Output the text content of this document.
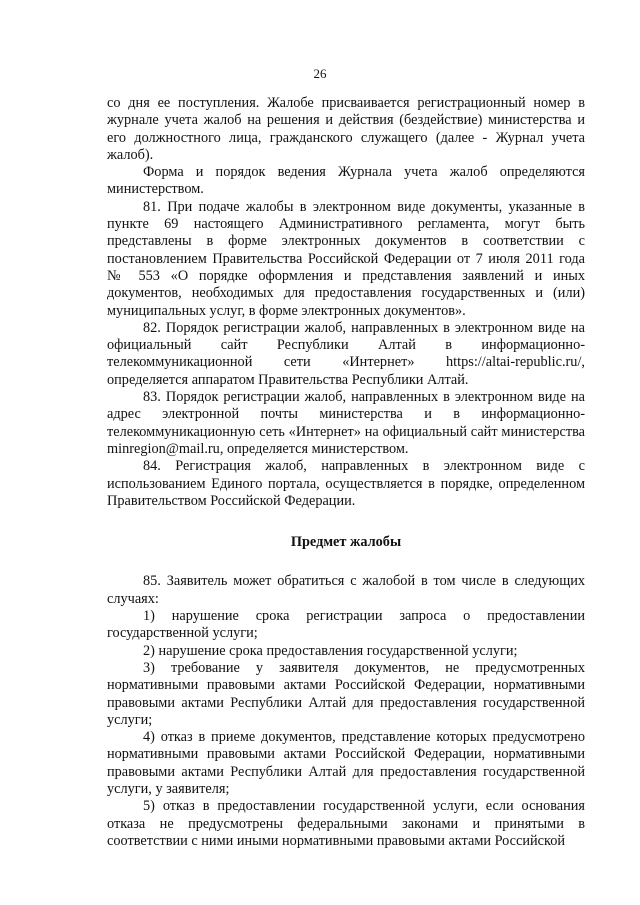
26

со дня ее поступления. Жалобе присваивается регистрационный номер в журнале учета жалоб на решения и действия (бездействие) министерства и его должностного лица, гражданского служащего (далее - Журнал учета жалоб).

Форма и порядок ведения Журнала учета жалоб определяются министерством.

81. При подаче жалобы в электронном виде документы, указанные в пункте 69 настоящего Административного регламента, могут быть представлены в форме электронных документов в соответствии с постановлением Правительства Российской Федерации от 7 июля 2011 года № 553 «О порядке оформления и представления заявлений и иных документов, необходимых для предоставления государственных и (или) муниципальных услуг, в форме электронных документов».

82. Порядок регистрации жалоб, направленных в электронном виде на официальный сайт Республики Алтай в информационно-телекоммуникационной сети «Интернет» https://altai-republic.ru/, определяется аппаратом Правительства Республики Алтай.

83. Порядок регистрации жалоб, направленных в электронном виде на адрес электронной почты министерства и в информационно-телекоммуникационную сеть «Интернет» на официальный сайт министерства minregion@mail.ru, определяется министерством.

84. Регистрация жалоб, направленных в электронном виде с использованием Единого портала, осуществляется в порядке, определенном Правительством Российской Федерации.

Предмет жалобы

85. Заявитель может обратиться с жалобой в том числе в следующих случаях:

1) нарушение срока регистрации запроса о предоставлении государственной услуги;

2) нарушение срока предоставления государственной услуги;

3) требование у заявителя документов, не предусмотренных нормативными правовыми актами Российской Федерации, нормативными правовыми актами Республики Алтай для предоставления государственной услуги;

4) отказ в приеме документов, представление которых предусмотрено нормативными правовыми актами Российской Федерации, нормативными правовыми актами Республики Алтай для предоставления государственной услуги, у заявителя;

5) отказ в предоставлении государственной услуги, если основания отказа не предусмотрены федеральными законами и принятыми в соответствии с ними иными нормативными правовыми актами Российской
